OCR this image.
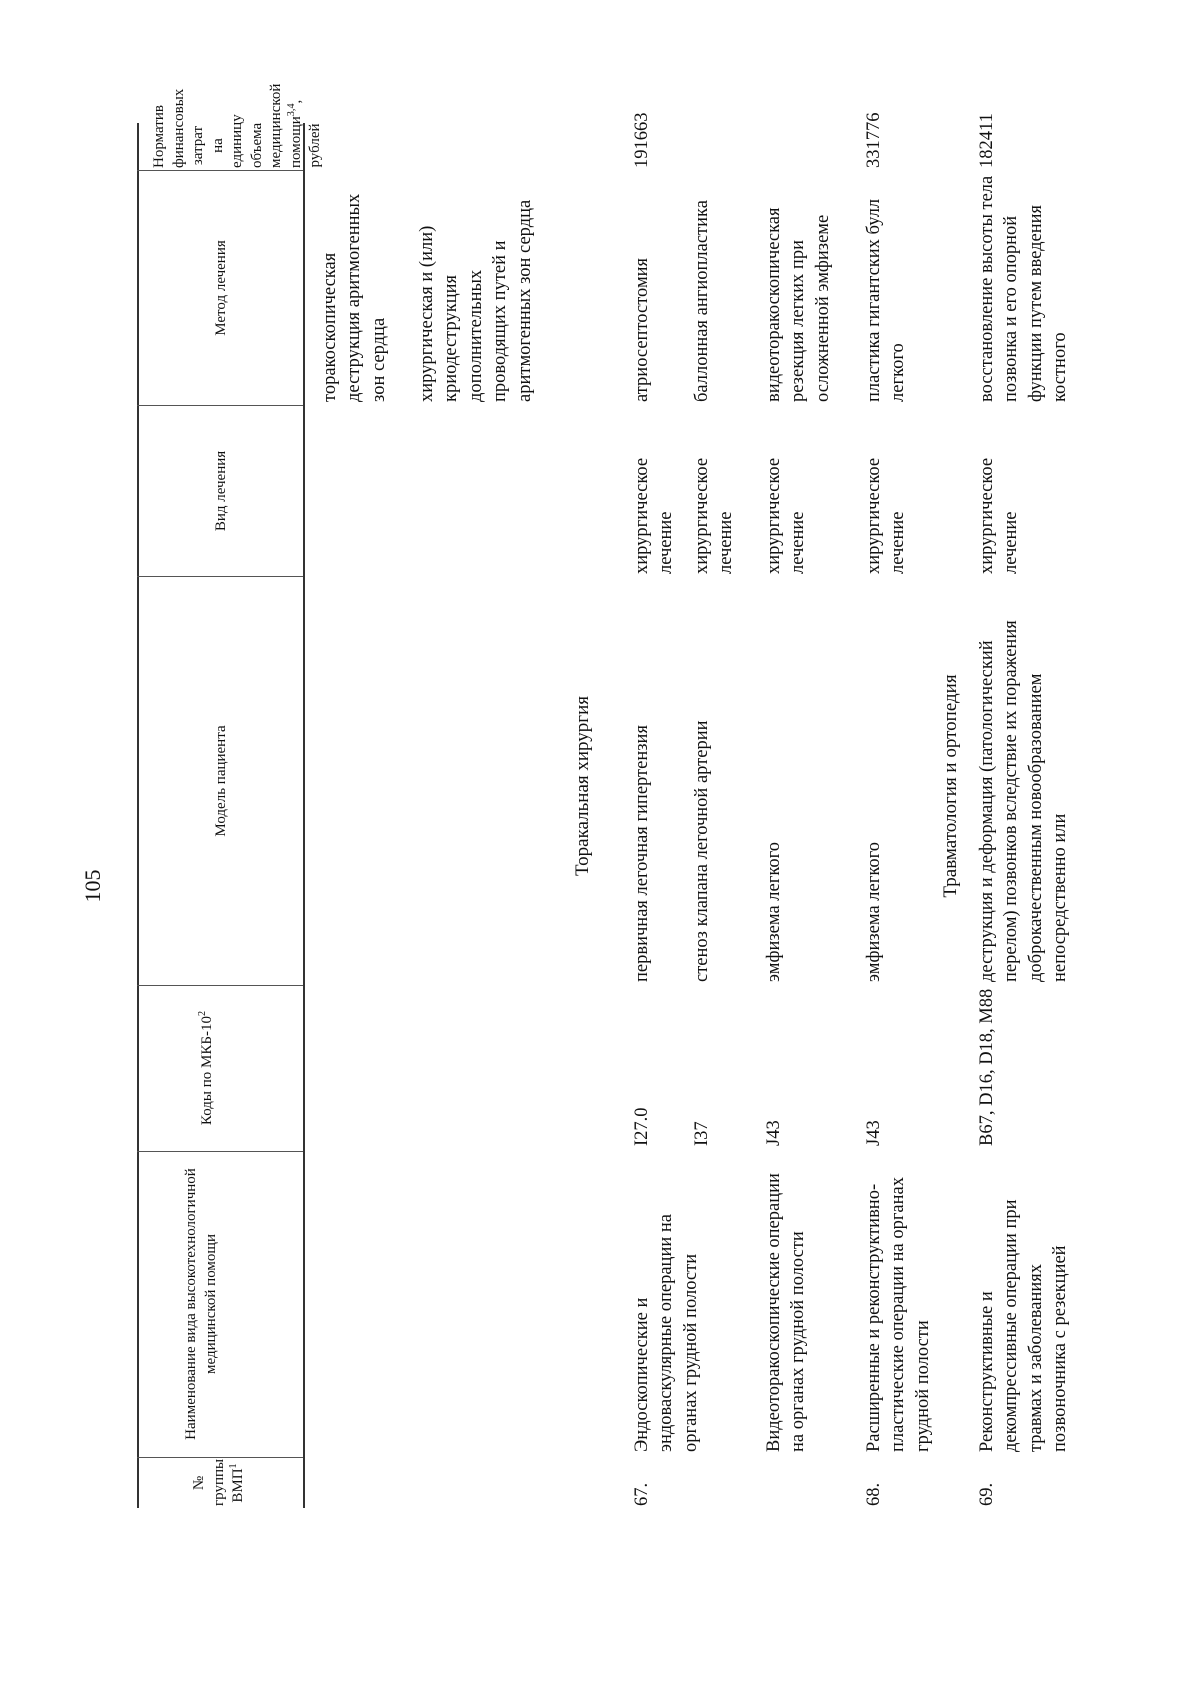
105
№ группы ВМП$^1$
Наименование вида высокотехнологичной медицинской помощи
Коды по МКБ-$10^2$
Модель пациента
Вид лечения
Метод лечения
Норматив финансовых затрат на единицу объема медицинской помощи$^{3,4}$, рублей
торакоскопическая деструкция аритмогенных зон сердца хирургическая и (или) криодеструкция дополнительных проводящих путей и аритмогенных зон сердца
Торакальная хирургия
67.
Эндоскопические и эндоваскулярные операции на органах грудной полости
I27.0
первичная легочная гипертензия
хирургическое лечение
атриосептостомия
191663
I37
стеноз клапана легочной артерии
хирургическое лечение
баллонная ангиопластика
Видеоторакоскопические операции на органах грудной полости
J43
эмфизема легкого
хирургическое лечение
видеоторакоскопическая резекция легких при осложненной эмфиземе
68.
Расширенные и реконструктивно-пластические операции на органах грудной полости
J43
эмфизема легкого
хирургическое лечение
пластика гигантских булл легкого
331776
Травматология и ортопедия
69.
Реконструктивные и декомпрессивные операции при травмах и заболеваниях позвоночника с резекцией
B67, D16, D18, M88
деструкция и деформация (патологический перелом) позвонков вследствие их поражения доброкачественным новообразованием непосредственно или
хирургическое лечение
восстановление высоты тела позвонка и его опорной функции путем введения костного
182411
